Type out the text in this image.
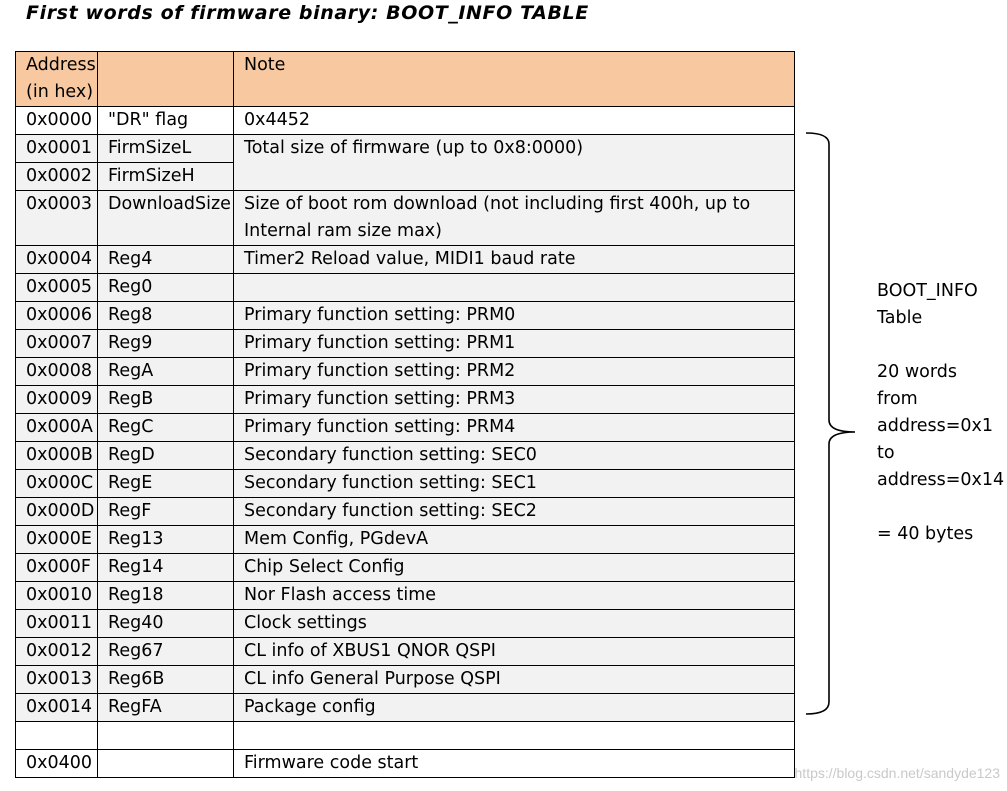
First words of firmware binary: BOOT_INFO TABLE
Address (in hex)		Note
0x0000	"DR" flag	0x4452
0x0001	FirmSizeL	Total size of firmware (up to 0x8:0000)
0x0002	FirmSizeH	
0x0003	DownloadSize	Size of boot rom download (not including first 400h, up to Internal ram size max)
0x0004	Reg4	Timer2 Reload value, MIDI1 baud rate
0x0005	Reg0	
0x0006	Reg8	Primary function setting: PRM0
0x0007	Reg9	Primary function setting: PRM1
0x0008	RegA	Primary function setting: PRM2
0x0009	RegB	Primary function setting: PRM3
0x000A	RegC	Primary function setting: PRM4
0x000B	RegD	Secondary function setting: SEC0
0x000C	RegE	Secondary function setting: SEC1
0x000D	RegF	Secondary function setting: SEC2
0x000E	Reg13	Mem Config, PGdevA
0x000F	Reg14	Chip Select Config
0x0010	Reg18	Nor Flash access time
0x0011	Reg40	Clock settings
0x0012	Reg67	CL info of XBUS1 QNOR QSPI
0x0013	Reg6B	CL info General Purpose QSPI
0x0014	RegFA	Package config

0x0400		Firmware code start
BOOT_INFO
Table
20 words
from
address=0x1
to
address=0x14
= 40 bytes
https://blog.csdn.net/sandyde123
